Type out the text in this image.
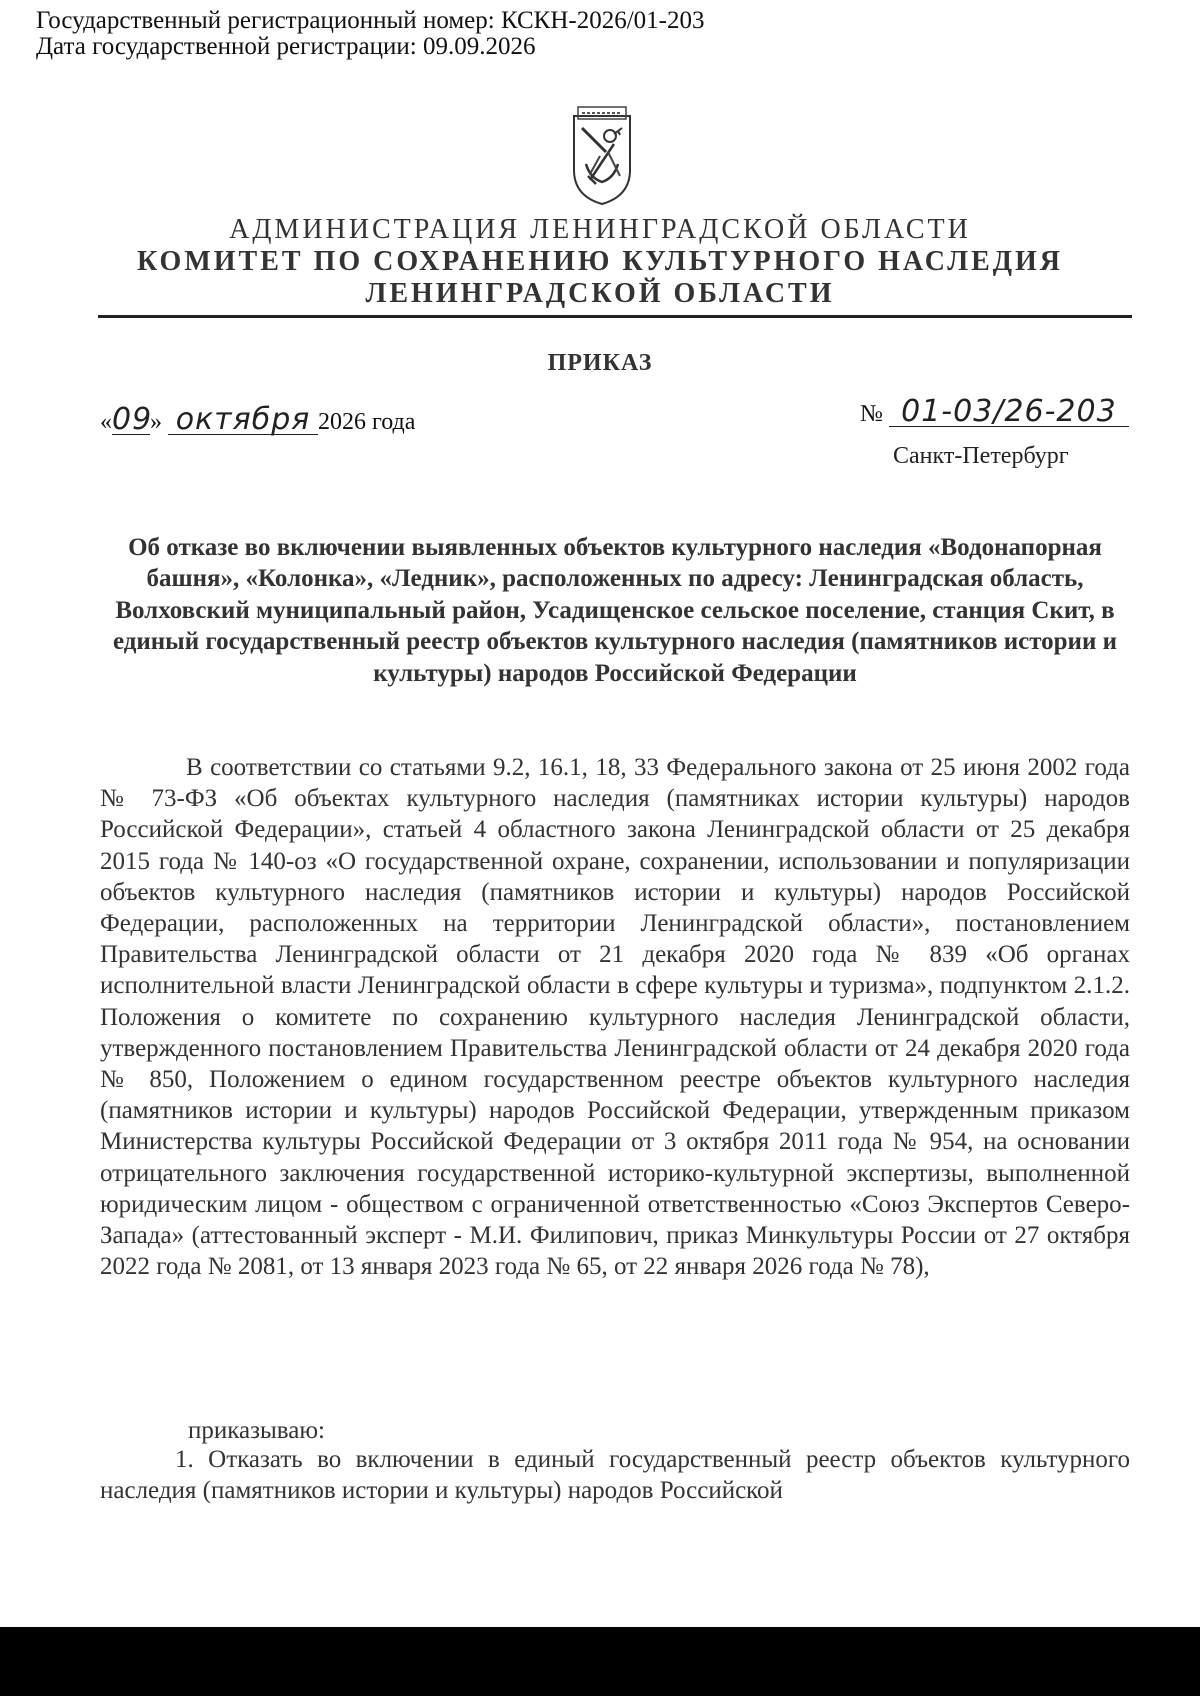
Государственный регистрационный номер: КСКН-2026/01-203
Дата государственной регистрации: 09.09.2026
АДМИНИСТРАЦИЯ ЛЕНИНГРАДСКОЙ ОБЛАСТИ
КОМИТЕТ ПО СОХРАНЕНИЮ КУЛЬТУРНОГО НАСЛЕДИЯ
ЛЕНИНГРАДСКОЙ ОБЛАСТИ
ПРИКАЗ
«09» октября 2026 года	№ 01-03/26-203
Санкт-Петербург
Об отказе во включении выявленных объектов культурного наследия «Водонапорная башня», «Колонка», «Ледник», расположенных по адресу: Ленинградская область, Волховский муниципальный район, Усадищенское сельское поселение, станция Скит, в единый государственный реестр объектов культурного наследия (памятников истории и культуры) народов Российской Федерации

В соответствии со статьями 9.2, 16.1, 18, 33 Федерального закона от 25 июня 2002 года № 73-ФЗ «Об объектах культурного наследия (памятниках истории культуры) народов Российской Федерации», статьей 4 областного закона Ленинградской области от 25 декабря 2015 года № 140-оз «О государственной охране, сохранении, использовании и популяризации объектов культурного наследия (памятников истории и культуры) народов Российской Федерации, расположенных на территории Ленинградской области», постановлением Правительства Ленинградской области от 21 декабря 2020 года № 839 «Об органах исполнительной власти Ленинградской области в сфере культуры и туризма», подпунктом 2.1.2. Положения о комитете по сохранению культурного наследия Ленинградской области, утвержденного постановлением Правительства Ленинградской области от 24 декабря 2020 года № 850, Положением о едином государственном реестре объектов культурного наследия (памятников истории и культуры) народов Российской Федерации, утвержденным приказом Министерства культуры Российской Федерации от 3 октября 2011 года № 954, на основании отрицательного заключения государственной историко-культурной экспертизы, выполненной юридическим лицом - обществом с ограниченной ответственностью «Союз Экспертов Северо-Запада» (аттестованный эксперт - М.И. Филипович, приказ Минкультуры России от 27 октября 2022 года № 2081, от 13 января 2023 года № 65, от 22 января 2026 года № 78),

приказываю:
1. Отказать во включении в единый государственный реестр объектов культурного наследия (памятников истории и культуры) народов Российской
